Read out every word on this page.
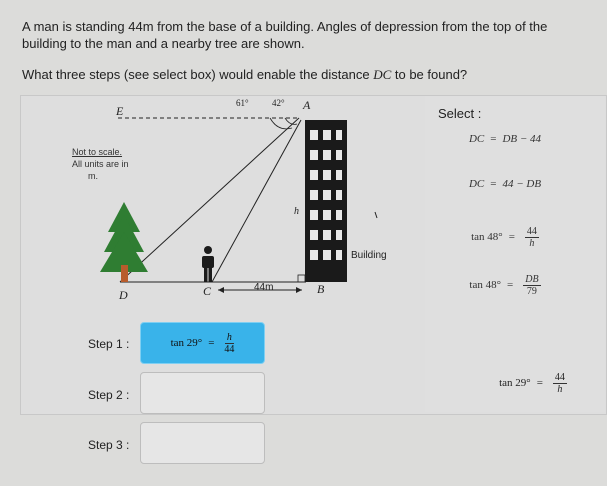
A man is standing 44m from the base of a building. Angles of depression from the top of the building to the man and a nearby tree are shown.
What three steps (see select box) would enable the distance DC to be found?
Not to scale.
All units are in
m.
E	A
61°	42°
h
Building
D	C	44m	B
Select :
DC = DB − 44
DC = 44 − DB
$\tan 48^\circ = \frac{44}{h}$
$\tan 48^\circ = \frac{DB}{79}$
Step 1 :	$\tan 29^\circ = \frac{h}{44}$
Step 2 :
Step 3 :
$\tan 29^\circ = \frac{44}{h}$
